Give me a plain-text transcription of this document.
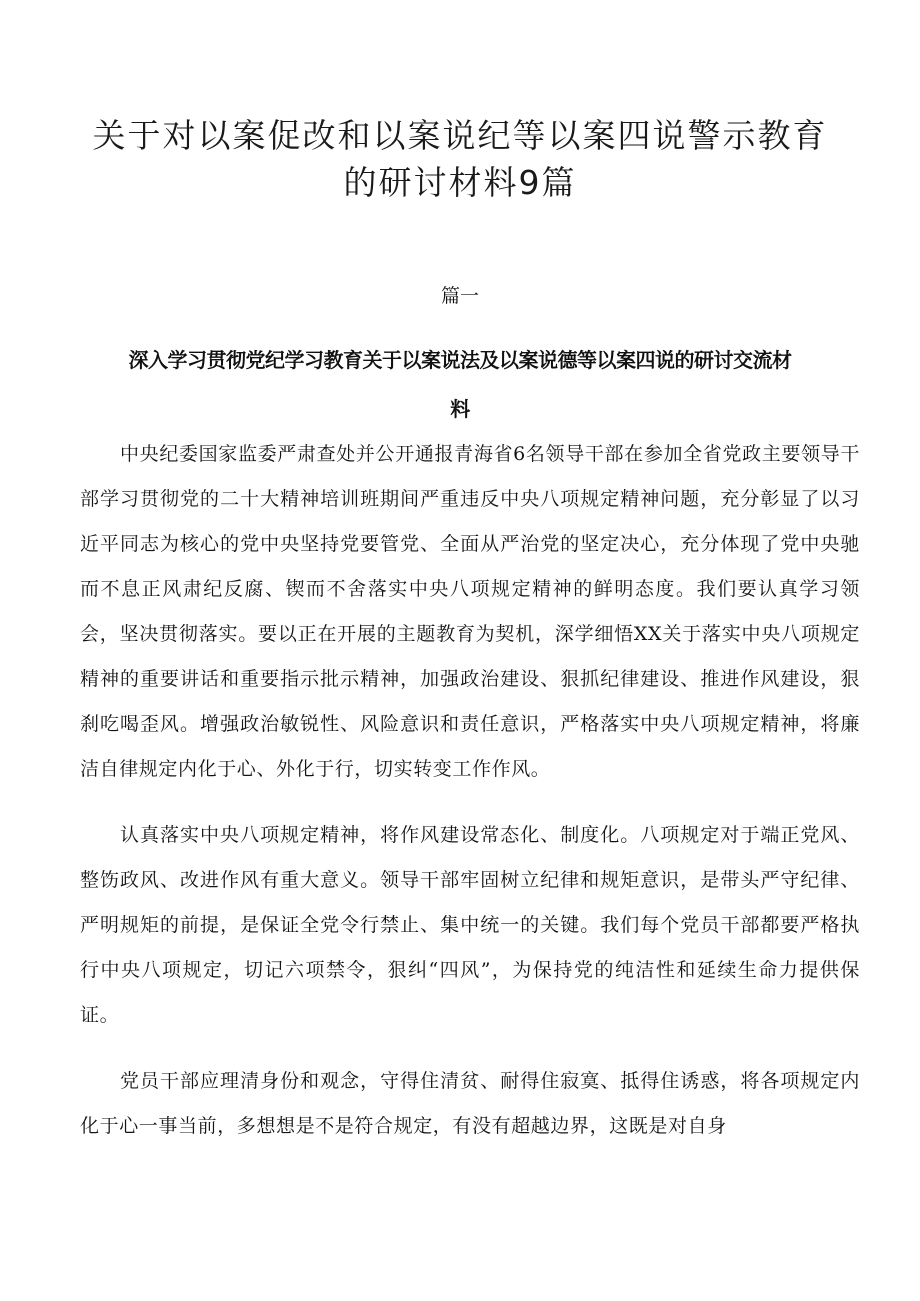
关于对以案促改和以案说纪等以案四说警示教育的研讨材料9篇
篇一
深入学习贯彻党纪学习教育关于以案说法及以案说德等以案四说的研讨交流材料

中央纪委国家监委严肃查处并公开通报青海省6名领导干部在参加全省党政主要领导干部学习贯彻党的二十大精神培训班期间严重违反中央八项规定精神问题，充分彰显了以习近平同志为核心的党中央坚持党要管党、全面从严治党的坚定决心，充分体现了党中央驰而不息正风肃纪反腐、锲而不舍落实中央八项规定精神的鲜明态度。我们要认真学习领会，坚决贯彻落实。要以正在开展的主题教育为契机，深学细悟XX关于落实中央八项规定精神的重要讲话和重要指示批示精神，加强政治建设、狠抓纪律建设、推进作风建设，狠刹吃喝歪风。增强政治敏锐性、风险意识和责任意识，严格落实中央八项规定精神，将廉洁自律规定内化于心、外化于行，切实转变工作作风。

认真落实中央八项规定精神，将作风建设常态化、制度化。八项规定对于端正党风、整饬政风、改进作风有重大意义。领导干部牢固树立纪律和规矩意识，是带头严守纪律、严明规矩的前提，是保证全党令行禁止、集中统一的关键。我们每个党员干部都要严格执行中央八项规定，切记六项禁令，狠纠“四风”，为保持党的纯洁性和延续生命力提供保证。

党员干部应理清身份和观念，守得住清贫、耐得住寂寞、抵得住诱惑，将各项规定内化于心一事当前，多想想是不是符合规定，有没有超越边界，这既是对自身
